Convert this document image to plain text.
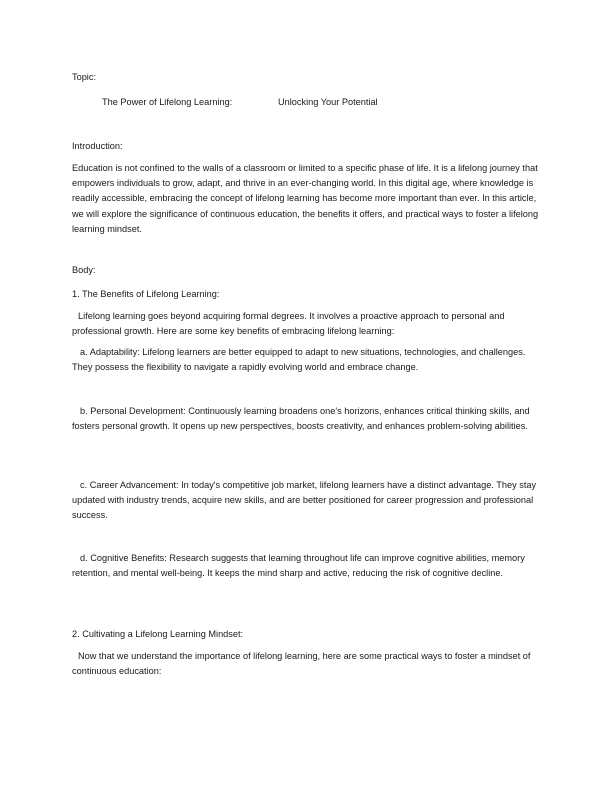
Topic:
The Power of Lifelong Learning:	Unlocking Your Potential
Introduction:
Education is not confined to the walls of a classroom or limited to a specific phase of life. It is a lifelong journey that empowers individuals to grow, adapt, and thrive in an ever-changing world. In this digital age, where knowledge is readily accessible, embracing the concept of lifelong learning has become more important than ever. In this article, we will explore the significance of continuous education, the benefits it offers, and practical ways to foster a lifelong learning mindset.
Body:
1. The Benefits of Lifelong Learning:
Lifelong learning goes beyond acquiring formal degrees. It involves a proactive approach to personal and professional growth. Here are some key benefits of embracing lifelong learning:
a. Adaptability: Lifelong learners are better equipped to adapt to new situations, technologies, and challenges. They possess the flexibility to navigate a rapidly evolving world and embrace change.
b. Personal Development: Continuously learning broadens one's horizons, enhances critical thinking skills, and fosters personal growth. It opens up new perspectives, boosts creativity, and enhances problem-solving abilities.
c. Career Advancement: In today's competitive job market, lifelong learners have a distinct advantage. They stay updated with industry trends, acquire new skills, and are better positioned for career progression and professional success.
d. Cognitive Benefits: Research suggests that learning throughout life can improve cognitive abilities, memory retention, and mental well-being. It keeps the mind sharp and active, reducing the risk of cognitive decline.
2. Cultivating a Lifelong Learning Mindset:
Now that we understand the importance of lifelong learning, here are some practical ways to foster a mindset of continuous education:
